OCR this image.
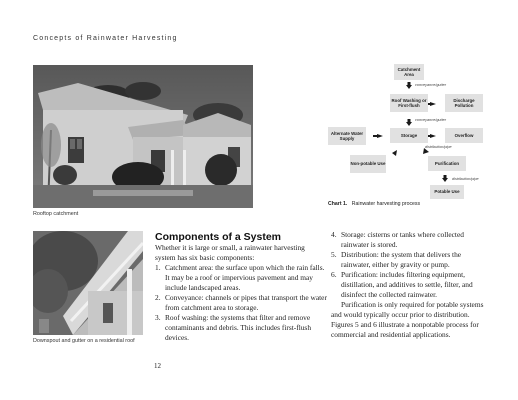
Concepts of Rainwater Harvesting
Rooftop catchment
Downspout and gutter on a residential roof
Catchment Area
conveyance/gutter
Roof Washing or First-flush
Discharge Pollution
conveyance/gutter
Alternate Water Supply
Storage	Overflow
distribution/pipe
Non-potable Use	Purification
distribution/pipe
Potable Use
Chart 1. Rainwater harvesting process
Components of a System
Whether it is large or small, a rainwater harvesting system has six basic components:
1. Catchment area: the surface upon which the rain falls. It may be a roof or impervious pavement and may include landscaped areas.
2. Conveyance: channels or pipes that transport the water from catchment area to storage.
3. Roof washing: the systems that filter and remove contaminants and debris. This includes first-flush devices.
4. Storage: cisterns or tanks where collected rainwater is stored.
5. Distribution: the system that delivers the rainwater, either by gravity or pump.
6. Purification: includes filtering equipment, distillation, and additives to settle, filter, and disinfect the collected rainwater.

Purification is only required for potable systems and would typically occur prior to distribution. Figures 5 and 6 illustrate a nonpotable process for commercial and residential applications.

12
